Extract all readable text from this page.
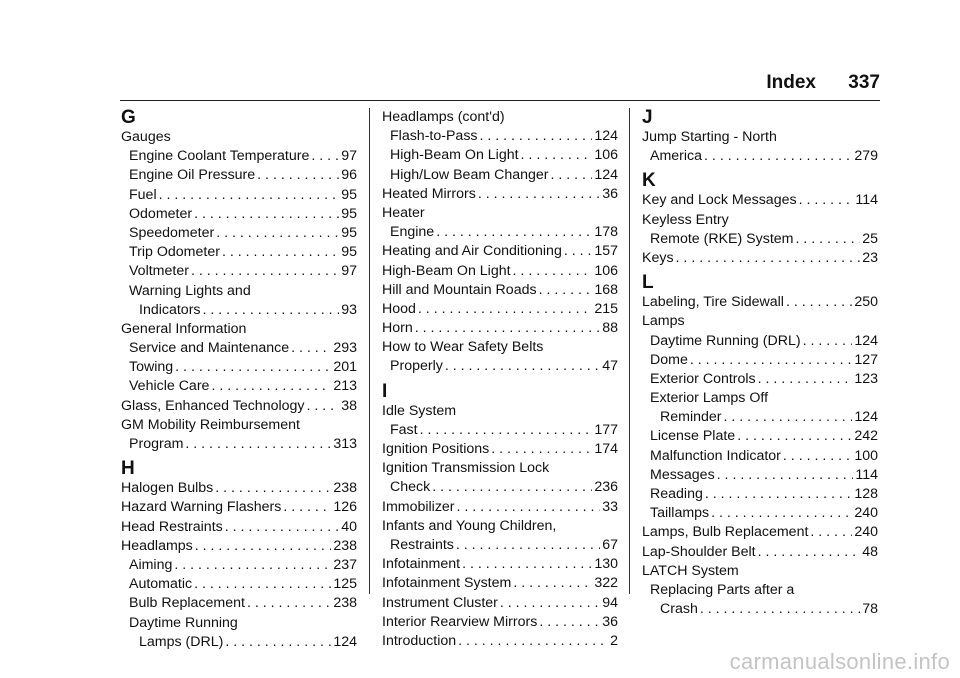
Index 337
G
Gauges
Engine Coolant Temperature . . . 97
Engine Oil Pressure . . .	96
Fuel . . .	95
Odometer . . .	95
Speedometer . . .	95
Trip Odometer . . .	95
Voltmeter . . .	97
Warning Lights and
Indicators . . .	93
General Information
Service and Maintenance . . .	293
Towing . . .	201
Vehicle Care . . .	213
Glass, Enhanced Technology . . .	38
GM Mobility Reimbursement
Program . . .	313
H
Halogen Bulbs . . .	238
Hazard Warning Flashers . . .	126
Head Restraints . . .	40
Headlamps . . .	238
Aiming . . .	237
Automatic . . .	125
Bulb Replacement . . .	238
Daytime Running
Lamps (DRL) . . .	124
Headlamps (cont'd)
Flash-to-Pass . . .	124
High-Beam On Light . . .	106
High/Low Beam Changer . . .	124
Heated Mirrors . . .	36
Heater
Engine . . .	178
Heating and Air Conditioning . . . 157
High-Beam On Light . . .	106
Hill and Mountain Roads . . .	168
Hood . . .	215
Horn . . .	88
How to Wear Safety Belts
Properly . . .	47
I
Idle System
Fast . . .	177
Ignition Positions . . .	174
Ignition Transmission Lock
Check . . .	236
Immobilizer . . .	33
Infants and Young Children,
Restraints . . .	67
Infotainment . . .	130
Infotainment System . . .	322
Instrument Cluster . . .	94
Interior Rearview Mirrors . . .	36
Introduction . . .	2
J
Jump Starting - North
America . . .	279
K
Key and Lock Messages . . .	114
Keyless Entry
Remote (RKE) System . . .	25
Keys . . .	23
L
Labeling, Tire Sidewall . . .	250
Lamps
Daytime Running (DRL) . . .	124
Dome . . .	127
Exterior Controls . . .	123
Exterior Lamps Off
Reminder . . .	124
License Plate . . .	242
Malfunction Indicator . . .	100
Messages . . .	114
Reading . . .	128
Taillamps . . .	240
Lamps, Bulb Replacement . . .	240
Lap-Shoulder Belt . . .	48
LATCH System
Replacing Parts after a
Crash . . .	78
carmanualsonline.info
